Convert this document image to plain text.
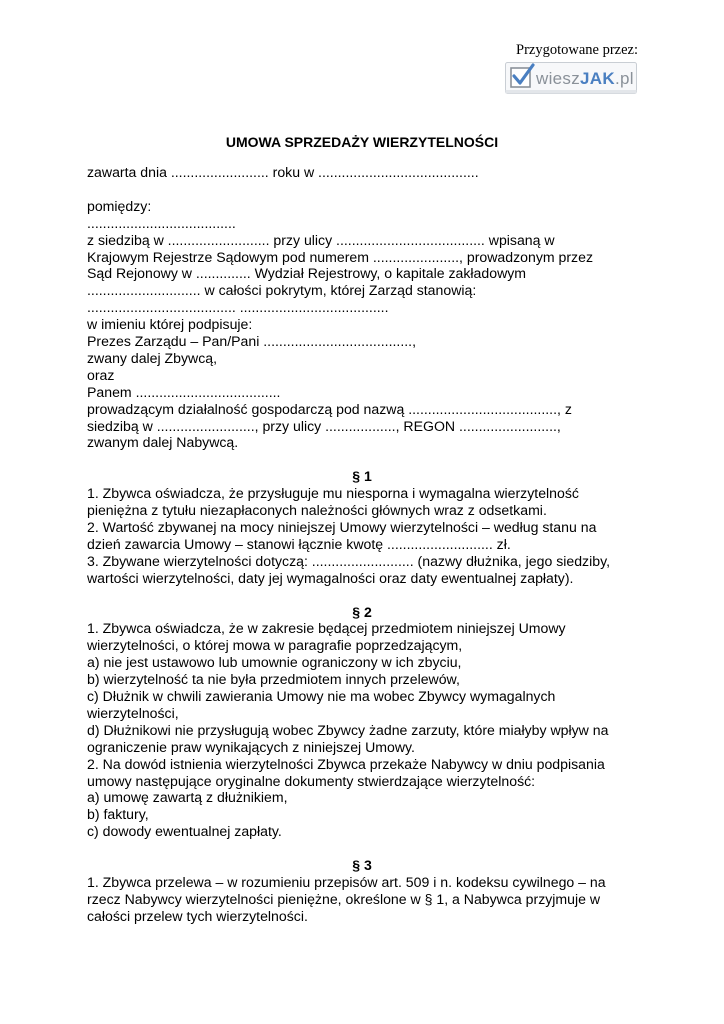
Przygotowane przez:
wieszJAK.pl
UMOWA SPRZEDAŻY WIERZYTELNOŚCI
zawarta dnia ......................... roku w .........................................
pomiędzy:
......................................
z siedzibą w .......................... przy ulicy ...................................... wpisaną w
Krajowym Rejestrze Sądowym pod numerem ......................, prowadzonym przez
Sąd Rejonowy w .............. Wydział Rejestrowy, o kapitale zakładowym
............................. w całości pokrytym, której Zarząd stanowią:
...................................... ......................................
w imieniu której podpisuje:
Prezes Zarządu – Pan/Pani ......................................,
zwany dalej Zbywcą,
oraz
Panem .....................................
prowadzącym działalność gospodarczą pod nazwą ......................................, z
siedzibą w ........................., przy ulicy .................., REGON .........................,
zwanym dalej Nabywcą.
§ 1
1. Zbywca oświadcza, że przysługuje mu niesporna i wymagalna wierzytelność
pieniężna z tytułu niezapłaconych należności głównych wraz z odsetkami.
2. Wartość zbywanej na mocy niniejszej Umowy wierzytelności – według stanu na
dzień zawarcia Umowy – stanowi łącznie kwotę ........................... zł.
3. Zbywane wierzytelności dotyczą: .......................... (nazwy dłużnika, jego siedziby,
wartości wierzytelności, daty jej wymagalności oraz daty ewentualnej zapłaty).
§ 2
1. Zbywca oświadcza, że w zakresie będącej przedmiotem niniejszej Umowy
wierzytelności, o której mowa w paragrafie poprzedzającym,
a) nie jest ustawowo lub umownie ograniczony w ich zbyciu,
b) wierzytelność ta nie była przedmiotem innych przelewów,
c) Dłużnik w chwili zawierania Umowy nie ma wobec Zbywcy wymagalnych
wierzytelności,
d) Dłużnikowi nie przysługują wobec Zbywcy żadne zarzuty, które miałyby wpływ na
ograniczenie praw wynikających z niniejszej Umowy.
2. Na dowód istnienia wierzytelności Zbywca przekaże Nabywcy w dniu podpisania
umowy następujące oryginalne dokumenty stwierdzające wierzytelność:
a) umowę zawartą z dłużnikiem,
b) faktury,
c) dowody ewentualnej zapłaty.
§ 3
1. Zbywca przelewa – w rozumieniu przepisów art. 509 i n. kodeksu cywilnego – na
rzecz Nabywcy wierzytelności pieniężne, określone w § 1, a Nabywca przyjmuje w
całości przelew tych wierzytelności.
